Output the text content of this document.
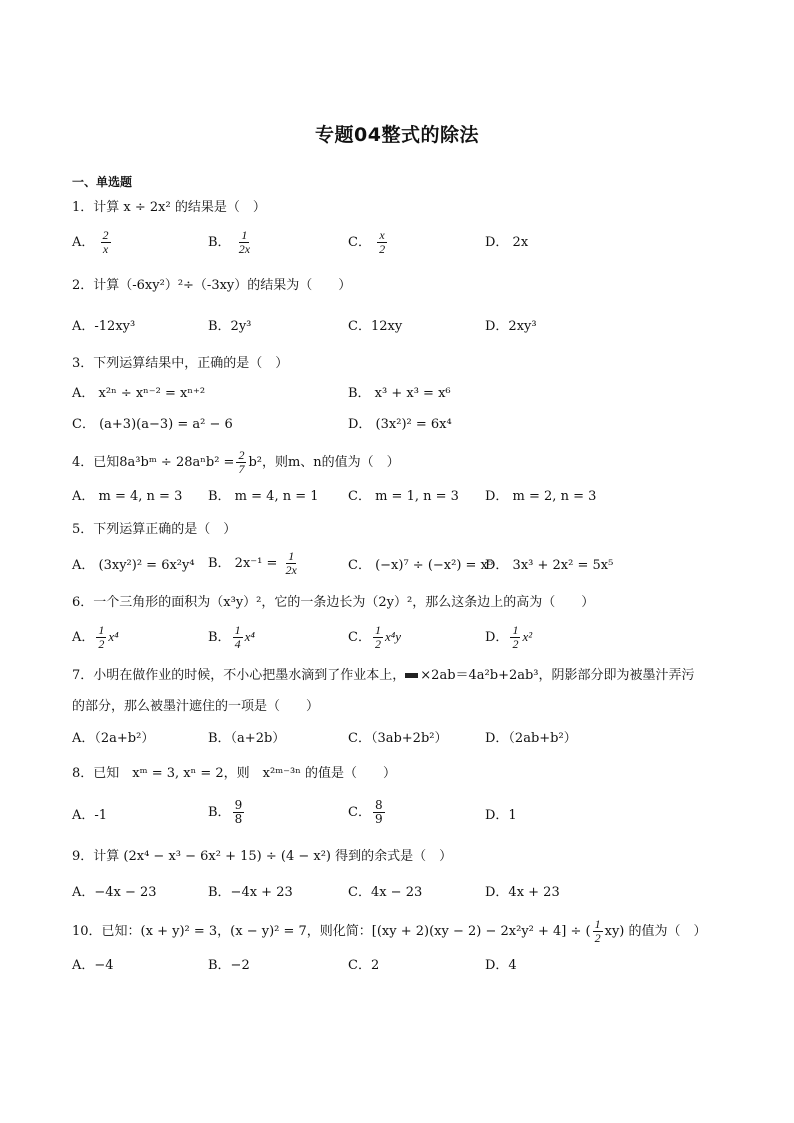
专题04整式的除法
一、单选题
1．计算 x ÷ 2x² 的结果是（　）
A． $\frac{2}{x}$	B． $\frac{1}{2x}$	C． $\frac{x}{2}$	D． 2x
2．计算（-6xy²）²÷（-3xy）的结果为（　　）
A．-12xy³	B．2y³	C．12xy	D．2xy³
3．下列运算结果中，正确的是（　）
A． x²ⁿ ÷ xⁿ⁻² = xⁿ⁺²	B． x³ + x³ = x⁶
C． (a+3)(a−3) = a² − 6	D． (3x²)² = 6x⁴
4．已知8a³bᵐ ÷ $28a^nb^2 = \frac{2}{7} b^2$，则m、n的值为（　）
A． m = 4, n = 3 B． m = 4, n = 1 C． m = 1, n = 3 D． m = 2, n = 3
5．下列运算正确的是（　）
A． (3xy²)² = 6x²y⁴ B． $2x^{-1} = \frac{1}{2x}$	C． (−x)⁷ ÷ (−x²) = x⁵
D． 3x³ + 2x² = 5x⁵
6．一个三角形的面积为（x³y）²，它的一条边长为（2y）²，那么这条边上的高为（　　）
A． $\frac{1}{2} x^4$	B． $\frac{1}{4} x^4$	C． $\frac{1}{2} x^4y$	D． $\frac{1}{2} x^2$
7．小明在做作业的时候，不小心把墨水滴到了作业本上， ×2ab＝4a²b+2ab³，阴影部分即为被墨汁弄污
的部分，那么被墨汁遮住的一项是（　　）
A．（2a+b²）	B．（a+2b）	C．（3ab+2b²）	D．（2ab+b²）
8．已知　xᵐ = 3, xⁿ = 2，则　x²ᵐ⁻³ⁿ 的值是（　　）
A．-1	B． $\frac{9}{8}$	C． $\frac{8}{9}$	D．1
9．计算 (2x⁴ − x³ − 6x² + 15) ÷ (4 − x²) 得到的余式是（　）
A．−4x − 23	B．−4x + 23	C．4x − 23	D．4x + 23
10．已知：(x + y)² = 3，(x − y)² = 7，则化简：[(xy + 2)(xy − 2) − 2x²y² + 4] ÷ ( $\frac{1}{2} xy$) 的值为（　）
A．−4	B．−2	C．2	D．4
